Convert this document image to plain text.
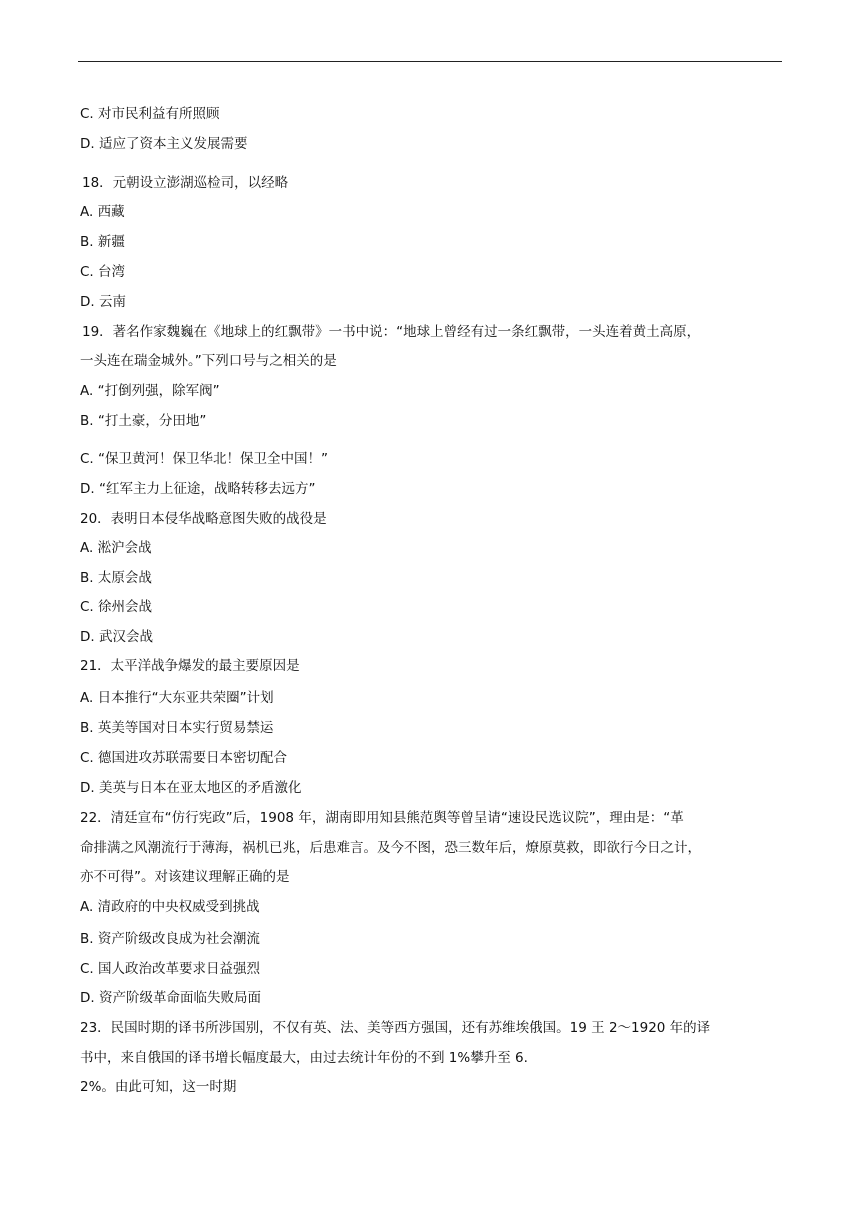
C. 对市民利益有所照顾
D. 适应了资本主义发展需要
18．元朝设立澎湖巡检司，以经略
A. 西藏
B. 新疆
C. 台湾
D. 云南
19．著名作家魏巍在《地球上的红飘带》一书中说：“地球上曾经有过一条红飘带，一头连着黄土高原，
一头连在瑞金城外。”下列口号与之相关的是
A. “打倒列强，除军阀”
B. “打土豪，分田地”
C. “保卫黄河！保卫华北！保卫全中国！”
D. “红军主力上征途，战略转移去远方”
20．表明日本侵华战略意图失败的战役是
A. 淞沪会战
B. 太原会战
C. 徐州会战
D. 武汉会战
21．太平洋战争爆发的最主要原因是
A. 日本推行“大东亚共荣圈”计划
B. 英美等国对日本实行贸易禁运
C. 德国进攻苏联需要日本密切配合
D. 美英与日本在亚太地区的矛盾激化
22．清廷宣布“仿行宪政”后，1908 年，湖南即用知县熊范舆等曾呈请“速设民选议院”，理由是：“革
命排满之风潮流行于薄海，祸机已兆，后患难言。及今不图，恐三数年后，燎原莫救，即欲行今日之计，
亦不可得”。对该建议理解正确的是
A. 清政府的中央权威受到挑战
B. 资产阶级改良成为社会潮流
C. 国人政治改革要求日益强烈
D. 资产阶级革命面临失败局面
23．民国时期的译书所涉国别，不仅有英、法、美等西方强国，还有苏维埃俄国。19 王 2～1920 年的译
书中，来自俄国的译书增长幅度最大，由过去统计年份的不到 1%攀升至 6.
2%。由此可知，这一时期
